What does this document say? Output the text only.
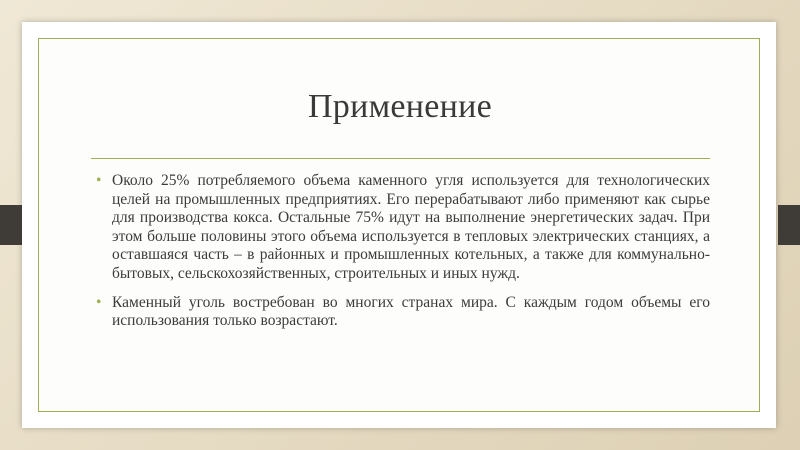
Применение

• Около 25% потребляемого объема каменного угля используется для технологических целей на промышленных предприятиях. Его перерабатывают либо применяют как сырье для производства кокса. Остальные 75% идут на выполнение энергетических задач. При этом больше половины этого объема используется в тепловых электрических станциях, а оставшаяся часть – в районных и промышленных котельных, а также для коммунально-бытовых, сельскохозяйственных, строительных и иных нужд.

• Каменный уголь востребован во многих странах мира. С каждым годом объемы его использования только возрастают.
